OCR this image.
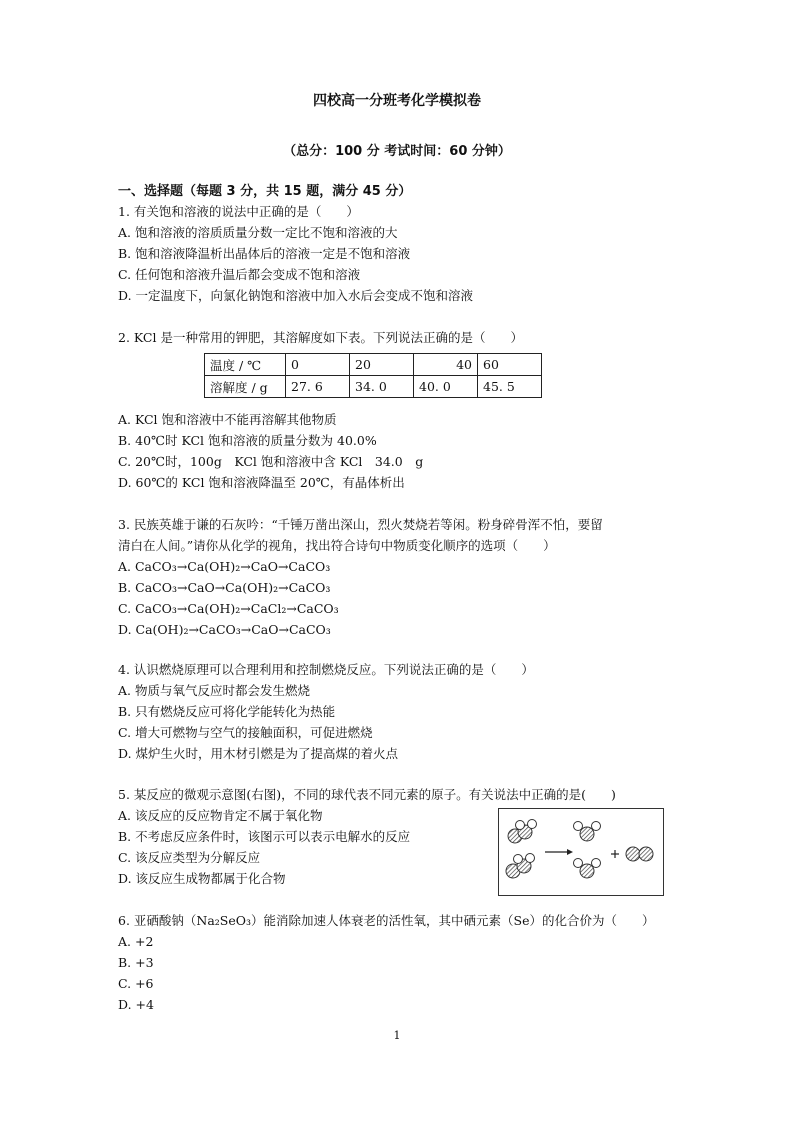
四校高一分班考化学模拟卷
（总分：100 分 考试时间：60 分钟）
一、选择题（每题 3 分，共 15 题，满分 45 分）
1. 有关饱和溶液的说法中正确的是（　　）
A. 饱和溶液的溶质质量分数一定比不饱和溶液的大
B. 饱和溶液降温析出晶体后的溶液一定是不饱和溶液
C. 任何饱和溶液升温后都会变成不饱和溶液
D. 一定温度下，向氯化钠饱和溶液中加入水后会变成不饱和溶液
2. KCl 是一种常用的钾肥，其溶解度如下表。下列说法正确的是（　　）
温度 / ℃	0	20	40	60
溶解度 / g	27. 6	34. 0	40. 0	45. 5
A. KCl 饱和溶液中不能再溶解其他物质
B. 40℃时 KCl 饱和溶液的质量分数为 40.0%
C. 20℃时，100g　KCl 饱和溶液中含 KCl　34.0　g
D. 60℃的 KCl 饱和溶液降温至 20℃，有晶体析出
3. 民族英雄于谦的石灰吟：“千锤万凿出深山，烈火焚烧若等闲。粉身碎骨浑不怕，要留
清白在人间。”请你从化学的视角，找出符合诗句中物质变化顺序的选项（　　）
A. CaCO₃→Ca(OH)₂→CaO→CaCO₃
B. CaCO₃→CaO→Ca(OH)₂→CaCO₃
C. CaCO₃→Ca(OH)₂→CaCl₂→CaCO₃
D. Ca(OH)₂→CaCO₃→CaO→CaCO₃
4. 认识燃烧原理可以合理利用和控制燃烧反应。下列说法正确的是（　　）
A. 物质与氧气反应时都会发生燃烧
B. 只有燃烧反应可将化学能转化为热能
C. 增大可燃物与空气的接触面积，可促进燃烧
D. 煤炉生火时，用木材引燃是为了提高煤的着火点
5. 某反应的微观示意图(右图)，不同的球代表不同元素的原子。有关说法中正确的是(　　)
A. 该反应的反应物肯定不属于氧化物
B. 不考虑反应条件时，该图示可以表示电解水的反应
C. 该反应类型为分解反应
D. 该反应生成物都属于化合物
6. 亚硒酸钠（Na₂SeO₃）能消除加速人体衰老的活性氧，其中硒元素（Se）的化合价为（　　）
A. +2
B. +3
C. +6
D. +4
1
